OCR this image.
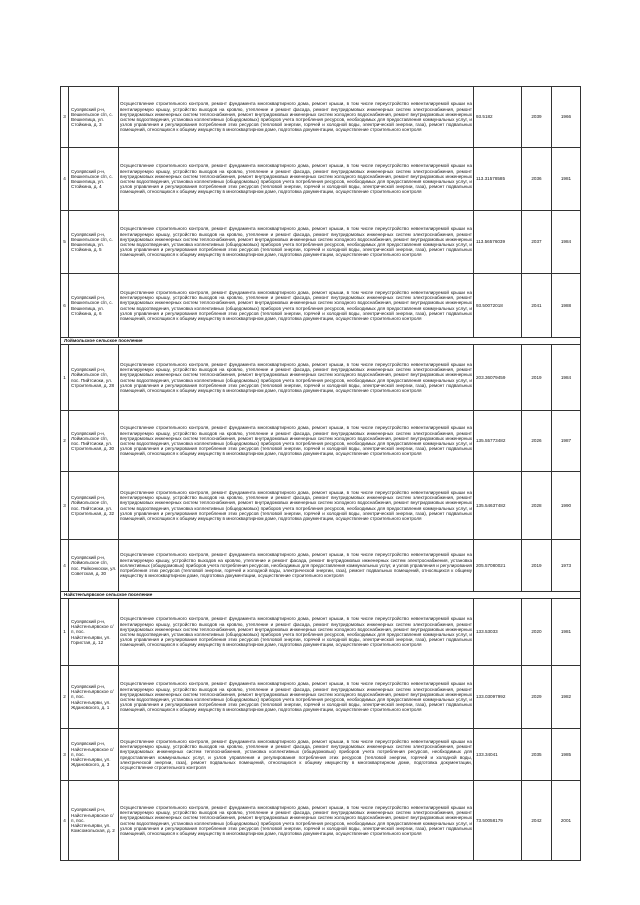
3	Суоярвский р-н, Вешкельское с/п, с. Вешкелица, ул. Стойкина, д. 3	Осуществление строительного контроля, ремонт фундамента многоквартирного дома, ремонт крыши, в том числе переустройство невентилируемой крыши на вентилируемую крышу, устройство выходов на кровлю, утепление и ремонт фасада, ремонт внутридомовых инженерных систем электроснабжения, ремонт внутридомовых инженерных систем теплоснабжения, ремонт внутридомовых инженерных систем холодного водоснабжения, ремонт внутридомовых инженерных систем водоотведения, установка коллективных (общедомовых) приборов учета потребления ресурсов, необходимых для предоставления коммунальных услуг, и узлов управления и регулирования потребления этих ресурсов (тепловой энергии, горячей и холодной воды, электрической энергии, газа), ремонт подвальных помещений, относящихся к общему имуществу в многоквартирном доме, подготовка документации, осуществление строительного контроля	93.5182	2039	1966
4	Суоярвский р-н, Вешкельское с/п, с. Вешкелица, ул. Стойкина, д. 4	Осуществление строительного контроля, ремонт фундамента многоквартирного дома, ремонт крыши, в том числе переустройство невентилируемой крыши на вентилируемую крышу, устройство выходов на кровлю, утепление и ремонт фасада, ремонт внутридомовых инженерных систем электроснабжения, ремонт внутридомовых инженерных систем теплоснабжения, ремонт внутридомовых инженерных систем холодного водоснабжения, ремонт внутридомовых инженерных систем водоотведения, установка коллективных (общедомовых) приборов учета потребления ресурсов, необходимых для предоставления коммунальных услуг, и узлов управления и регулирования потребления этих ресурсов (тепловой энергии, горячей и холодной воды, электрической энергии, газа), ремонт подвальных помещений, относящихся к общему имуществу в многоквартирном доме, подготовка документации, осуществление строительного контроля	113.31578585	2036	1981
5	Суоярвский р-н, Вешкельское с/п, с. Вешкелица, ул. Стойкина, д. 5	Осуществление строительного контроля, ремонт фундамента многоквартирного дома, ремонт крыши, в том числе переустройство невентилируемой крыши на вентилируемую крышу, устройство выходов на кровлю, утепление и ремонт фасада, ремонт внутридомовых инженерных систем электроснабжения, ремонт внутридомовых инженерных систем теплоснабжения, ремонт внутридомовых инженерных систем холодного водоснабжения, ремонт внутридомовых инженерных систем водоотведения, установка коллективных (общедомовых) приборов учета потребления ресурсов, необходимых для предоставления коммунальных услуг, и узлов управления и регулирования потребления этих ресурсов (тепловой энергии, горячей и холодной воды, электрической энергии, газа), ремонт подвальных помещений, относящихся к общему имуществу в многоквартирном доме, подготовка документации, осуществление строительного контроля	113.56576039	2037	1984
6	Суоярвский р-н, Вешкельское с/п, с. Вешкелица, ул. Стойкина, д. 6	Осуществление строительного контроля, ремонт фундамента многоквартирного дома, ремонт крыши, в том числе переустройство невентилируемой крыши на вентилируемую крышу, устройство выходов на кровлю, утепление и ремонт фасада, ремонт внутридомовых инженерных систем электроснабжения, ремонт внутридомовых инженерных систем теплоснабжения, ремонт внутридомовых инженерных систем холодного водоснабжения, ремонт внутридомовых инженерных систем водоотведения, установка коллективных (общедомовых) приборов учета потребления ресурсов, необходимых для предоставления коммунальных услуг, и узлов управления и регулирования потребления этих ресурсов (тепловой энергии, горячей и холодной воды, электрической энергии, газа), ремонт подвальных помещений, относящихся к общему имуществу в многоквартирном доме, подготовка документации, осуществление строительного контроля	93.50072018	2041	1988
Лоймольское сельское поселение					
1	Суоярвский р-н, Лоймольское с/п, пос. Пийтсиоки, ул. Строительная, д. 28	Осуществление строительного контроля, ремонт фундамента многоквартирного дома, ремонт крыши, в том числе переустройство невентилируемой крыши на вентилируемую крышу, устройство выходов на кровлю, утепление и ремонт фасада, ремонт внутридомовых инженерных систем электроснабжения, ремонт внутридомовых инженерных систем теплоснабжения, ремонт внутридомовых инженерных систем холодного водоснабжения, ремонт внутридомовых инженерных систем водоотведения, установка коллективных (общедомовых) приборов учета потребления ресурсов, необходимых для предоставления коммунальных услуг, и узлов управления и регулирования потребления этих ресурсов (тепловой энергии, горячей и холодной воды, электрической энергии, газа), ремонт подвальных помещений, относящихся к общему имуществу в многоквартирном доме, подготовка документации, осуществление строительного контроля	203.36079459	2019	1984
2	Суоярвский р-н, Лоймольское с/п, пос. Пийтсиоки, ул. Строительная, д. 30	Осуществление строительного контроля, ремонт фундамента многоквартирного дома, ремонт крыши, в том числе переустройство невентилируемой крыши на вентилируемую крышу, устройство выходов на кровлю, утепление и ремонт фасада, ремонт внутридомовых инженерных систем электроснабжения, ремонт внутридомовых инженерных систем теплоснабжения, ремонт внутридомовых инженерных систем холодного водоснабжения, ремонт внутридомовых инженерных систем водоотведения, установка коллективных (общедомовых) приборов учета потребления ресурсов, необходимых для предоставления коммунальных услуг, и узлов управления и регулирования потребления этих ресурсов (тепловой энергии, горячей и холодной воды, электрической энергии, газа), ремонт подвальных помещений, относящихся к общему имуществу в многоквартирном доме, подготовка документации, осуществление строительного контроля	135.55773482	2026	1987
3	Суоярвский р-н, Лоймольское с/п, пос. Пийтсиоки, ул. Строительная, д. 32	Осуществление строительного контроля, ремонт фундамента многоквартирного дома, ремонт крыши, в том числе переустройство невентилируемой крыши на вентилируемую крышу, устройство выходов на кровлю, утепление и ремонт фасада, ремонт внутридомовых инженерных систем электроснабжения, ремонт внутридомовых инженерных систем теплоснабжения, ремонт внутридомовых инженерных систем холодного водоснабжения, ремонт внутридомовых инженерных систем водоотведения, установка коллективных (общедомовых) приборов учета потребления ресурсов, необходимых для предоставления коммунальных услуг, и узлов управления и регулирования потребления этих ресурсов (тепловой энергии, горячей и холодной воды, электрической энергии, газа), ремонт подвальных помещений, относящихся к общему имуществу в многоквартирном доме, подготовка документации, осуществление строительного контроля	135.54637482	2028	1990
4	Суоярвский р-н, Лоймольское с/п, пос. Райконкоски, ул. Советская, д. 30	Осуществление строительного контроля, ремонт фундамента многоквартирного дома, ремонт крыши, в том числе переустройство невентилируемой крыши на вентилируемую крышу, устройство выходов на кровлю, утепление и ремонт фасада, ремонт внутридомовых инженерных систем электроснабжения, установка коллективных (общедомовых) приборов учета потребления ресурсов, необходимых для предоставления коммунальных услуг, и узлов управления и регулирования потребления этих ресурсов (тепловой энергии, горячей и холодной воды, электрической энергии, газа), ремонт подвальных помещений, относящихся к общему имуществу в многоквартирном доме, подготовка документации, осуществление строительного контроля	205.57080021	2019	1973
Найстенъярвское сельское поселение					
1	Суоярвский р-н, Найстенъярвское с/п, пос. Найстенъярви, ул. Гористая, д. 12	Осуществление строительного контроля, ремонт фундамента многоквартирного дома, ремонт крыши, в том числе переустройство невентилируемой крыши на вентилируемую крышу, устройство выходов на кровлю, утепление и ремонт фасада, ремонт внутридомовых инженерных систем электроснабжения, ремонт внутридомовых инженерных систем теплоснабжения, ремонт внутридомовых инженерных систем холодного водоснабжения, ремонт внутридомовых инженерных систем водоотведения, установка коллективных (общедомовых) приборов учета потребления ресурсов, необходимых для предоставления коммунальных услуг, и узлов управления и регулирования потребления этих ресурсов (тепловой энергии, горячей и холодной воды, электрической энергии, газа), ремонт подвальных помещений, относящихся к общему имуществу в многоквартирном доме, подготовка документации, осуществление строительного контроля	133.53033	2020	1981
2	Суоярвский р-н, Найстенъярвское с/п, пос. Найстенъярви, ул. Ждановского, д. 1	Осуществление строительного контроля, ремонт фундамента многоквартирного дома, ремонт крыши, в том числе переустройство невентилируемой крыши на вентилируемую крышу, устройство выходов на кровлю, утепление и ремонт фасада, ремонт внутридомовых инженерных систем электроснабжения, ремонт внутридомовых инженерных систем теплоснабжения, ремонт внутридомовых инженерных систем холодного водоснабжения, ремонт внутридомовых инженерных систем водоотведения, установка коллективных (общедомовых) приборов учета потребления ресурсов, необходимых для предоставления коммунальных услуг, и узлов управления и регулирования потребления этих ресурсов (тепловой энергии, горячей и холодной воды, электрической энергии, газа), ремонт подвальных помещений, относящихся к общему имуществу в многоквартирном доме, подготовка документации, осуществление строительного контроля	133.03097992	2029	1982
3	Суоярвский р-н, Найстенъярвское с/п, пос. Найстенъярви, ул. Ждановского, д. 3	Осуществление строительного контроля, ремонт фундамента многоквартирного дома, ремонт крыши, в том числе переустройство невентилируемой крыши на вентилируемую крышу, устройство выходов на кровлю, утепление и ремонт фасада, ремонт внутридомовых инженерных систем электроснабжения, ремонт внутридомовых инженерных систем теплоснабжения, установка коллективных (общедомовых) приборов учета потребления ресурсов, необходимых для предоставления коммунальных услуг, и узлов управления и регулирования потребления этих ресурсов (тепловой энергии, горячей и холодной воды, электрической энергии, газа), ремонт подвальных помещений, относящихся к общему имуществу в многоквартирном доме, подготовка документации, осуществление строительного контроля	133.34041	2035	1985
4	Суоярвский р-н, Найстенъярвское с/п, пос. Найстенъярви, ул. Комсомольская, д. 2	Осуществление строительного контроля, ремонт фундамента многоквартирного дома, ремонт крыши, в том числе переустройство невентилируемой крыши на вентилируемую крышу, устройство выходов на кровлю, утепление и ремонт фасада, ремонт внутридомовых инженерных систем электроснабжения, ремонт внутридомовых инженерных систем теплоснабжения, ремонт внутридомовых инженерных систем холодного водоснабжения, ремонт внутридомовых инженерных систем водоотведения, установка коллективных (общедомовых) приборов учета потребления ресурсов, необходимых для предоставления коммунальных услуг, и узлов управления и регулирования потребления этих ресурсов (тепловой энергии, горячей и холодной воды, электрической энергии, газа), ремонт подвальных помещений, относящихся к общему имуществу в многоквартирном доме, подготовка документации, осуществление строительного контроля	73.50058179	2042	2001
